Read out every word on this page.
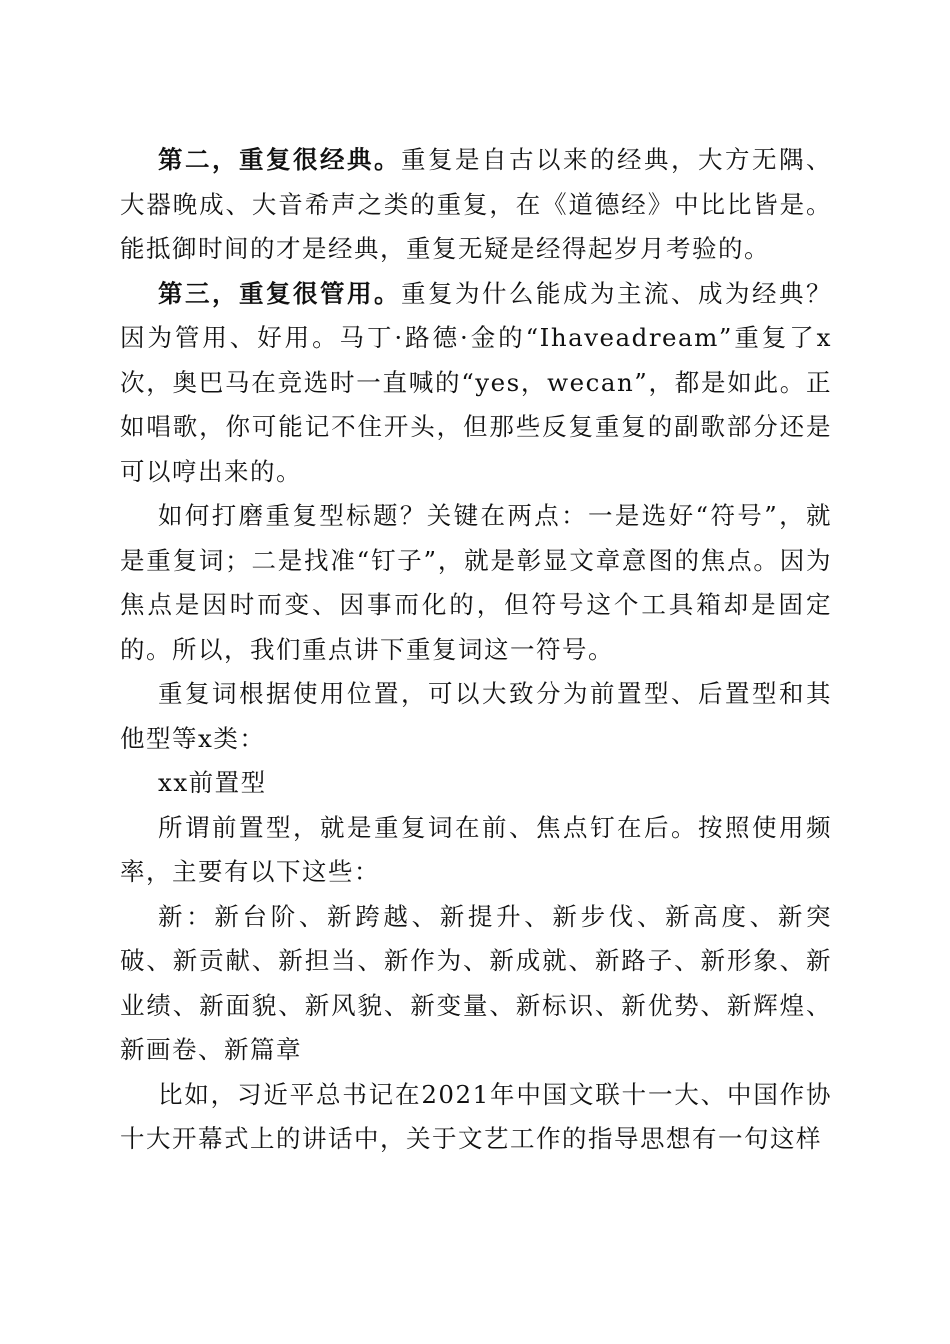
第二，重复很经典。重复是自古以来的经典，大方无隅、大器晚成、大音希声之类的重复，在《道德经》中比比皆是。能抵御时间的才是经典，重复无疑是经得起岁月考验的。

第三，重复很管用。重复为什么能成为主流、成为经典？因为管用、好用。马丁·路德·金的“Ihaveadream”重复了x次，奥巴马在竞选时一直喊的“yes，wecan”，都是如此。正如唱歌，你可能记不住开头，但那些反复重复的副歌部分还是可以哼出来的。

如何打磨重复型标题？关键在两点：一是选好“符号”，就是重复词；二是找准“钉子”，就是彰显文章意图的焦点。因为焦点是因时而变、因事而化的，但符号这个工具箱却是固定的。所以，我们重点讲下重复词这一符号。

重复词根据使用位置，可以大致分为前置型、后置型和其他型等x类：

xx前置型

所谓前置型，就是重复词在前、焦点钉在后。按照使用频率，主要有以下这些：

新：新台阶、新跨越、新提升、新步伐、新高度、新突破、新贡献、新担当、新作为、新成就、新路子、新形象、新业绩、新面貌、新风貌、新变量、新标识、新优势、新辉煌、新画卷、新篇章

比如，习近平总书记在2021年中国文联十一大、中国作协十大开幕式上的讲话中，关于文艺工作的指导思想有一句这样
